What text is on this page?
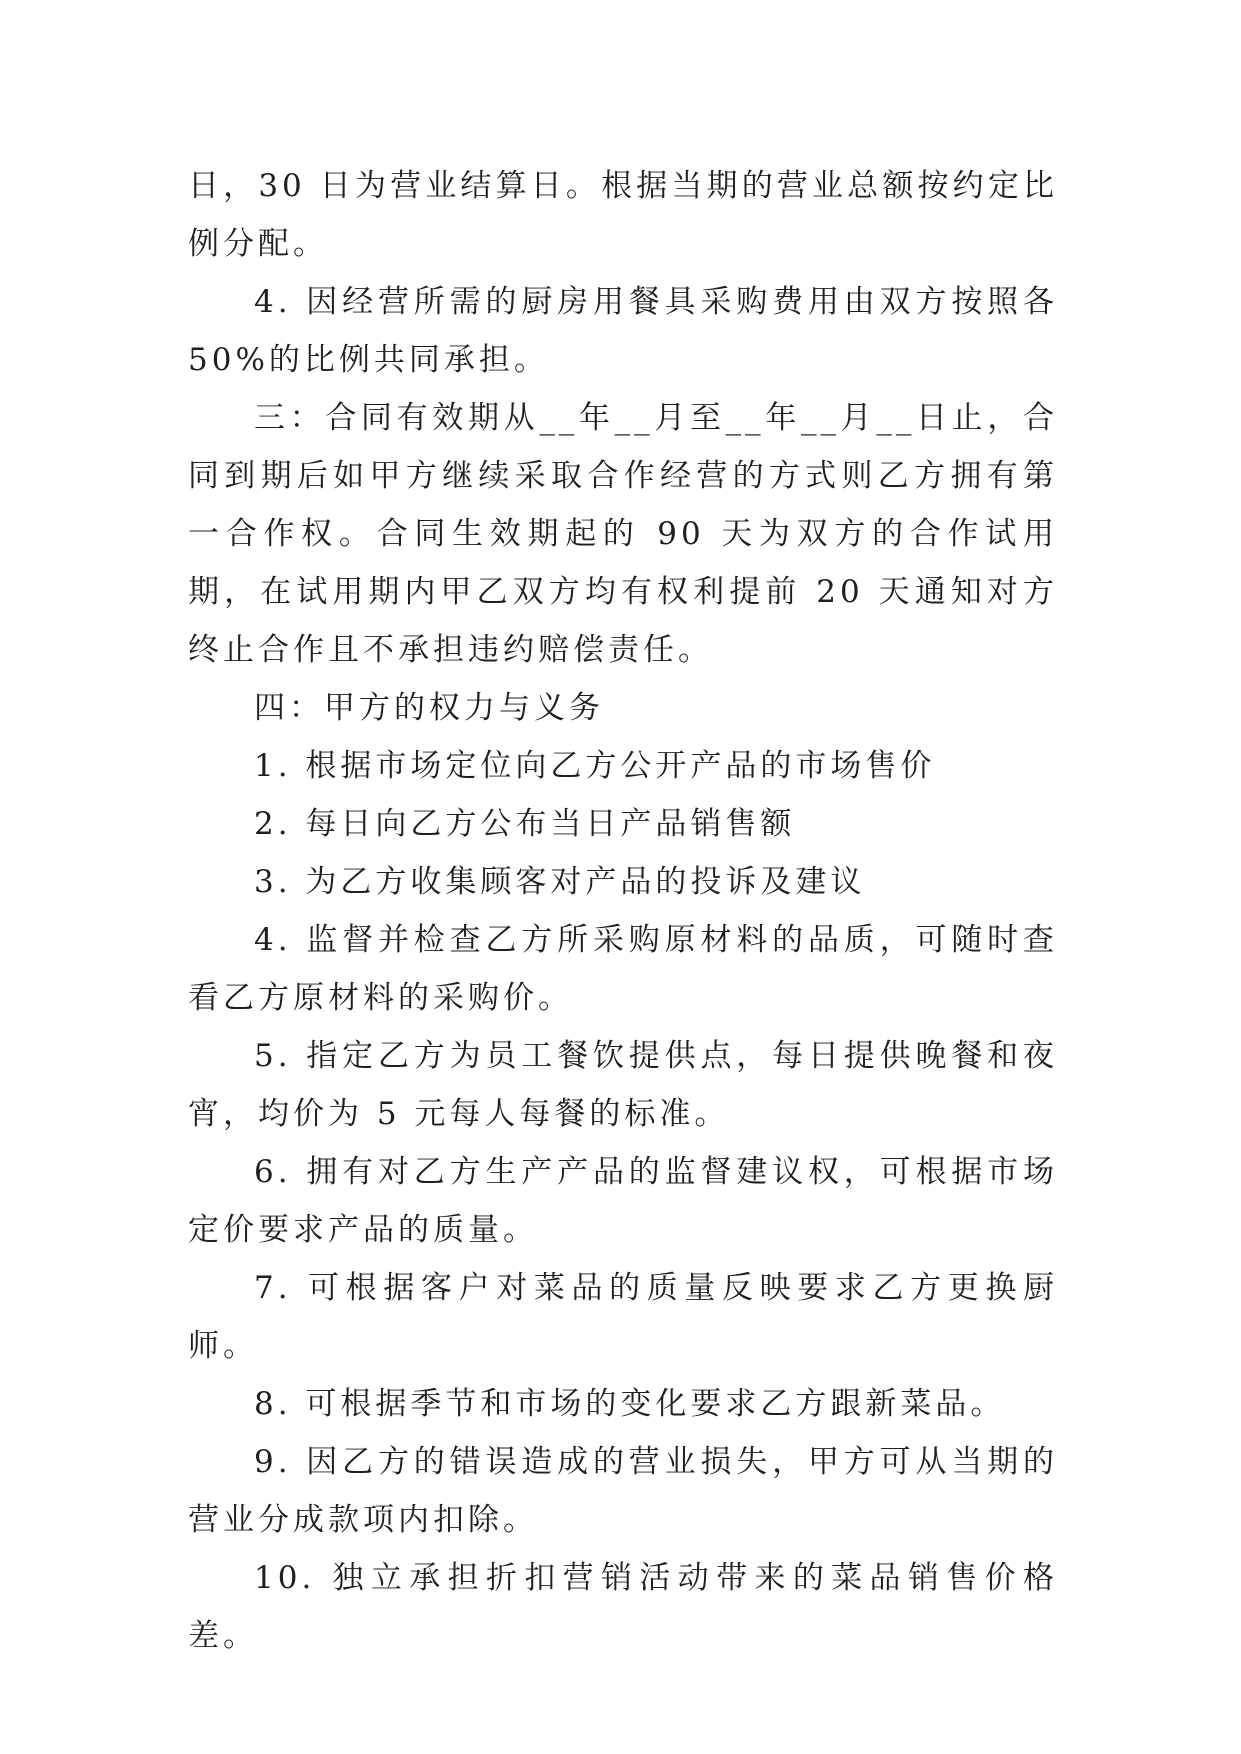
日，30 日为营业结算日。根据当期的营业总额按约定比例分配。

4. 因经营所需的厨房用餐具采购费用由双方按照各 50%的比例共同承担。

三：合同有效期从__年__月至__年__月__日止，合同到期后如甲方继续采取合作经营的方式则乙方拥有第一合作权。合同生效期起的 90 天为双方的合作试用期，在试用期内甲乙双方均有权利提前 20 天通知对方终止合作且不承担违约赔偿责任。

四：甲方的权力与义务

1. 根据市场定位向乙方公开产品的市场售价

2. 每日向乙方公布当日产品销售额

3. 为乙方收集顾客对产品的投诉及建议

4. 监督并检查乙方所采购原材料的品质，可随时查看乙方原材料的采购价。

5. 指定乙方为员工餐饮提供点，每日提供晚餐和夜宵，均价为 5 元每人每餐的标准。

6. 拥有对乙方生产产品的监督建议权，可根据市场定价要求产品的质量。

7. 可根据客户对菜品的质量反映要求乙方更换厨师。

8. 可根据季节和市场的变化要求乙方跟新菜品。

9. 因乙方的错误造成的营业损失，甲方可从当期的营业分成款项内扣除。

10. 独立承担折扣营销活动带来的菜品销售价格差。
